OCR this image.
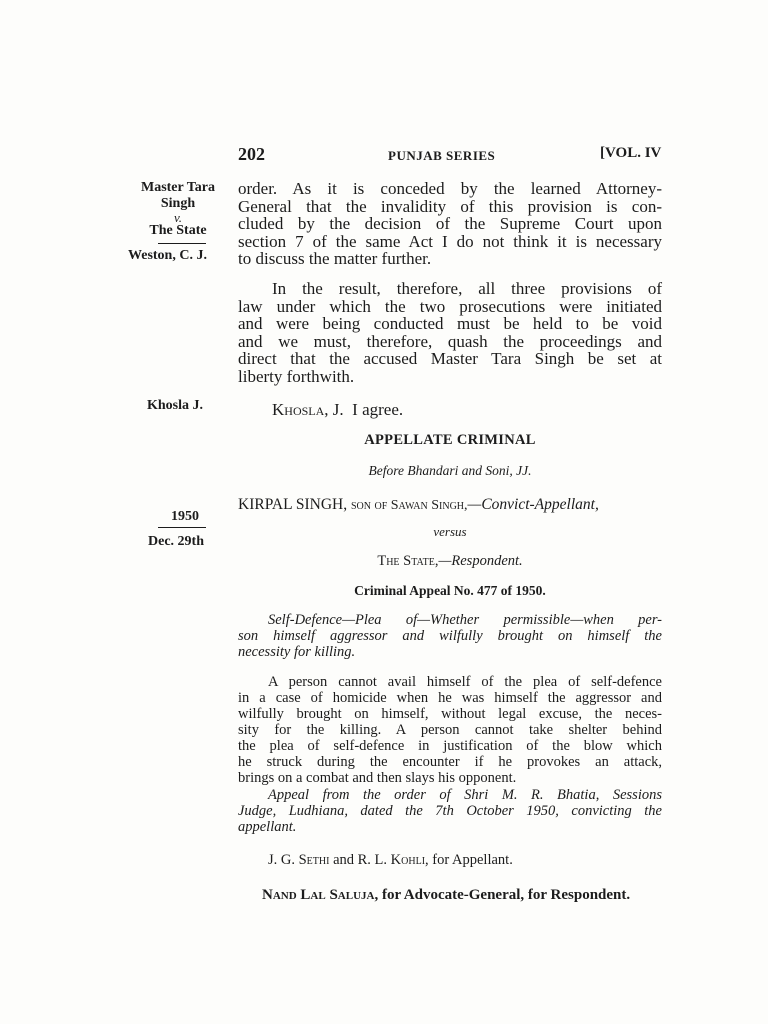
202	PUNJAB SERIES	[VOL. IV
Master Tara
Singh
v.
The State
Weston, C. J.
Khosla J.
1950
Dec. 29th
order. As it is conceded by the learned Attorney-
General that the invalidity of this provision is con-
cluded by the decision of the Supreme Court upon
section 7 of the same Act I do not think it is necessary
to discuss the matter further.
In the result, therefore, all three provisions of
law under which the two prosecutions were initiated
and were being conducted must be held to be void
and we must, therefore, quash the proceedings and
direct that the accused Master Tara Singh be set at
liberty forthwith.
Khosla, J. I agree.
APPELLATE CRIMINAL
Before Bhandari and Soni, JJ.
KIRPAL SINGH, son of Sawan Singh,—Convict-Appellant,
versus
The State,—Respondent.
Criminal Appeal No. 477 of 1950.
Self-Defence—Plea of—Whether permissible—when per-
son himself aggressor and wilfully brought on himself the
necessity for killing.
A person cannot avail himself of the plea of self-defence
in a case of homicide when he was himself the aggressor and
wilfully brought on himself, without legal excuse, the neces-
sity for the killing. A person cannot take shelter behind
the plea of self-defence in justification of the blow which
he struck during the encounter if he provokes an attack,
brings on a combat and then slays his opponent.
Appeal from the order of Shri M. R. Bhatia, Sessions
Judge, Ludhiana, dated the 7th October 1950, convicting the
appellant.
J. G. Sethi and R. L. Kohli, for Appellant.
Nand Lal Saluja, for Advocate-General, for Respondent.
